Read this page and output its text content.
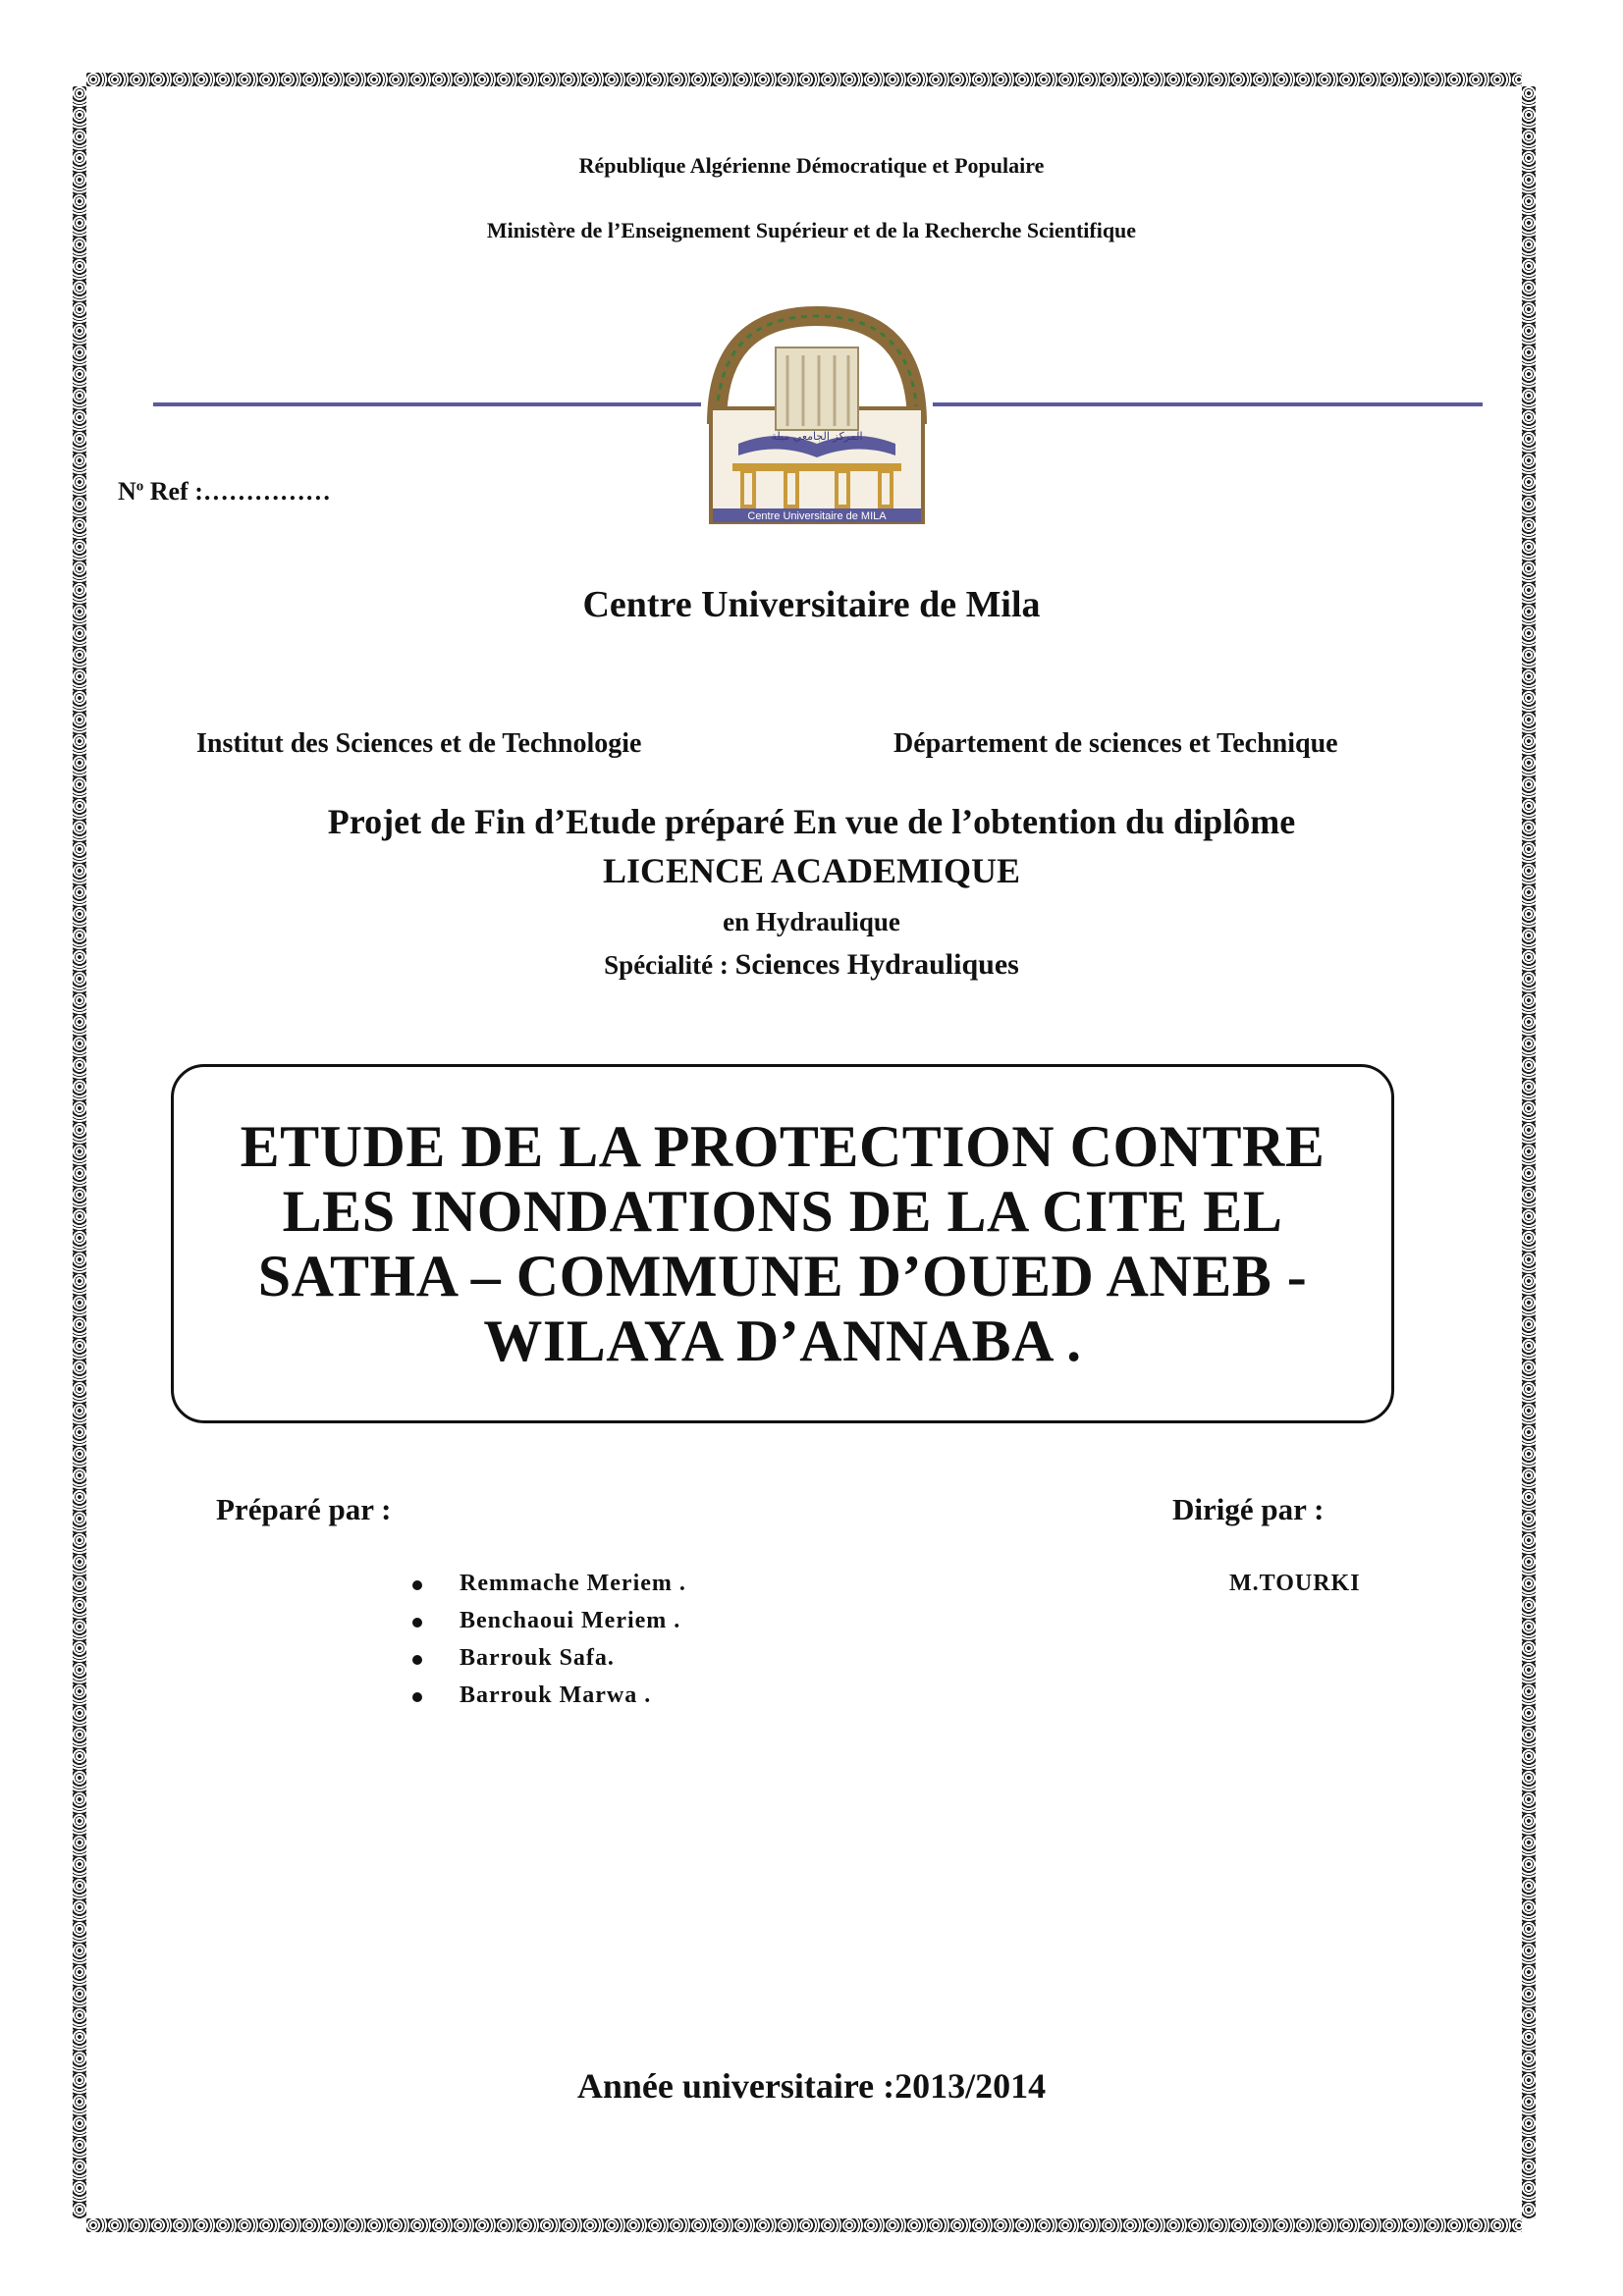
République Algérienne Démocratique et Populaire
Ministère de l’Enseignement Supérieur et de la Recherche Scientifique
Centre Universitaire de MILA
المركز الجامعي ميلة
$N^o$ Ref :……………
Centre Universitaire de Mila
Institut des Sciences et de Technologie	Département de sciences et Technique
Projet de Fin d’Etude préparé En vue de l’obtention du diplôme
LICENCE ACADEMIQUE
en Hydraulique
Spécialité : Sciences Hydrauliques
ETUDE DE LA PROTECTION CONTRE
LES INONDATIONS DE LA CITE EL
SATHA – COMMUNE D’OUED ANEB -
WILAYA D’ANNABA .
Préparé par :	Dirigé par :
Remmache Meriem .
Benchaoui Meriem .
Barrouk Safa.
Barrouk Marwa .
M.TOURKI
Année universitaire :2013/2014
